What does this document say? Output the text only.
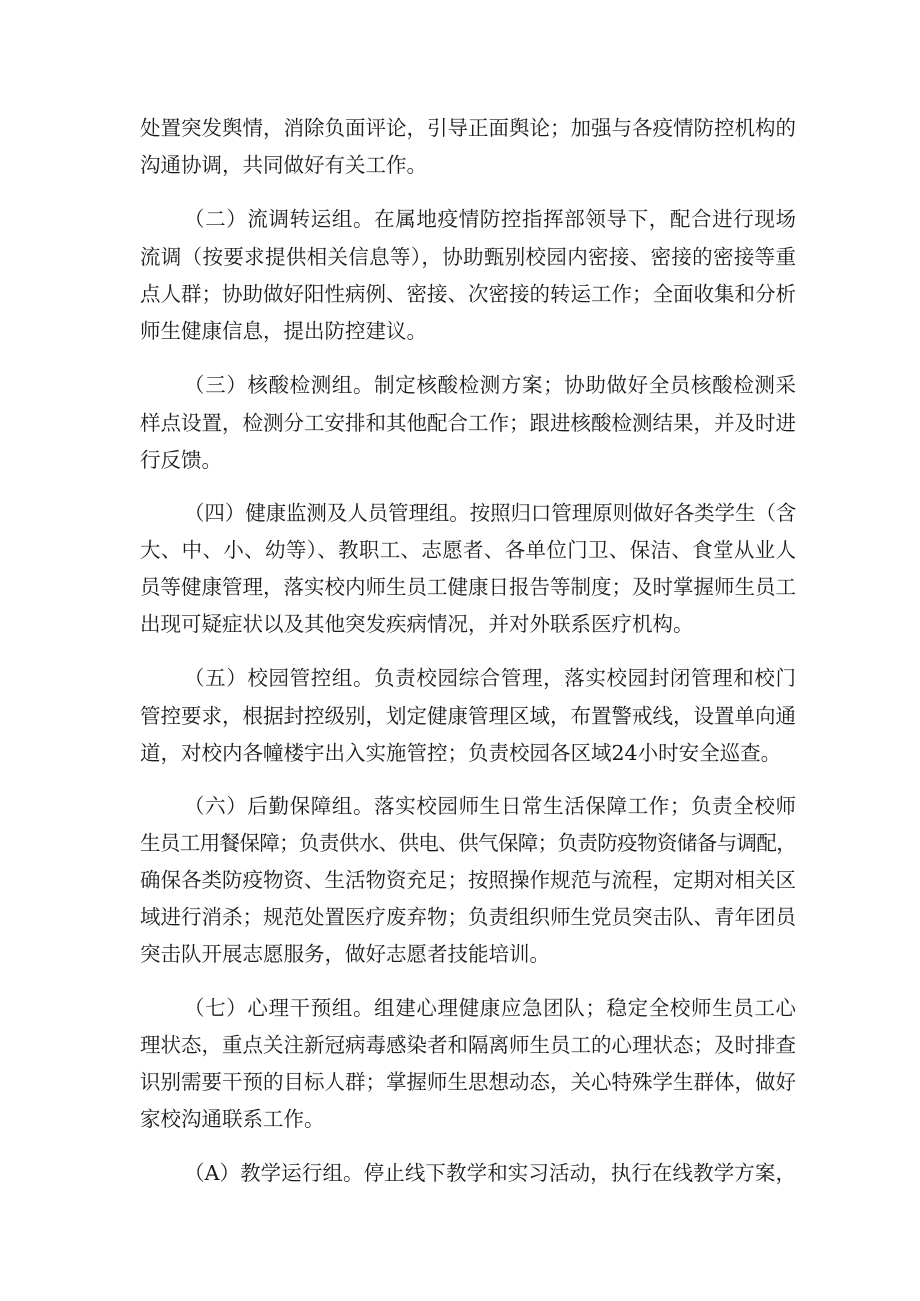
处置突发舆情，消除负面评论，引导正面舆论；加强与各疫情防控机构的
沟通协调，共同做好有关工作。
（二）流调转运组。在属地疫情防控指挥部领导下，配合进行现场
流调（按要求提供相关信息等），协助甄别校园内密接、密接的密接等重
点人群；协助做好阳性病例、密接、次密接的转运工作；全面收集和分析
师生健康信息，提出防控建议。
（三）核酸检测组。制定核酸检测方案；协助做好全员核酸检测采
样点设置，检测分工安排和其他配合工作；跟进核酸检测结果，并及时进
行反馈。
（四）健康监测及人员管理组。按照归口管理原则做好各类学生（含
大、中、小、幼等）、教职工、志愿者、各单位门卫、保洁、食堂从业人
员等健康管理，落实校内师生员工健康日报告等制度；及时掌握师生员工
出现可疑症状以及其他突发疾病情况，并对外联系医疗机构。
（五）校园管控组。负责校园综合管理，落实校园封闭管理和校门
管控要求，根据封控级别，划定健康管理区域，布置警戒线，设置单向通
道，对校内各幢楼宇出入实施管控；负责校园各区域24小时安全巡查。
（六）后勤保障组。落实校园师生日常生活保障工作；负责全校师
生员工用餐保障；负责供水、供电、供气保障；负责防疫物资储备与调配，
确保各类防疫物资、生活物资充足；按照操作规范与流程，定期对相关区
域进行消杀；规范处置医疗废弃物；负责组织师生党员突击队、青年团员
突击队开展志愿服务，做好志愿者技能培训。
（七）心理干预组。组建心理健康应急团队；稳定全校师生员工心
理状态，重点关注新冠病毒感染者和隔离师生员工的心理状态；及时排查
识别需要干预的目标人群；掌握师生思想动态，关心特殊学生群体，做好
家校沟通联系工作。
（A）教学运行组。停止线下教学和实习活动，执行在线教学方案，
